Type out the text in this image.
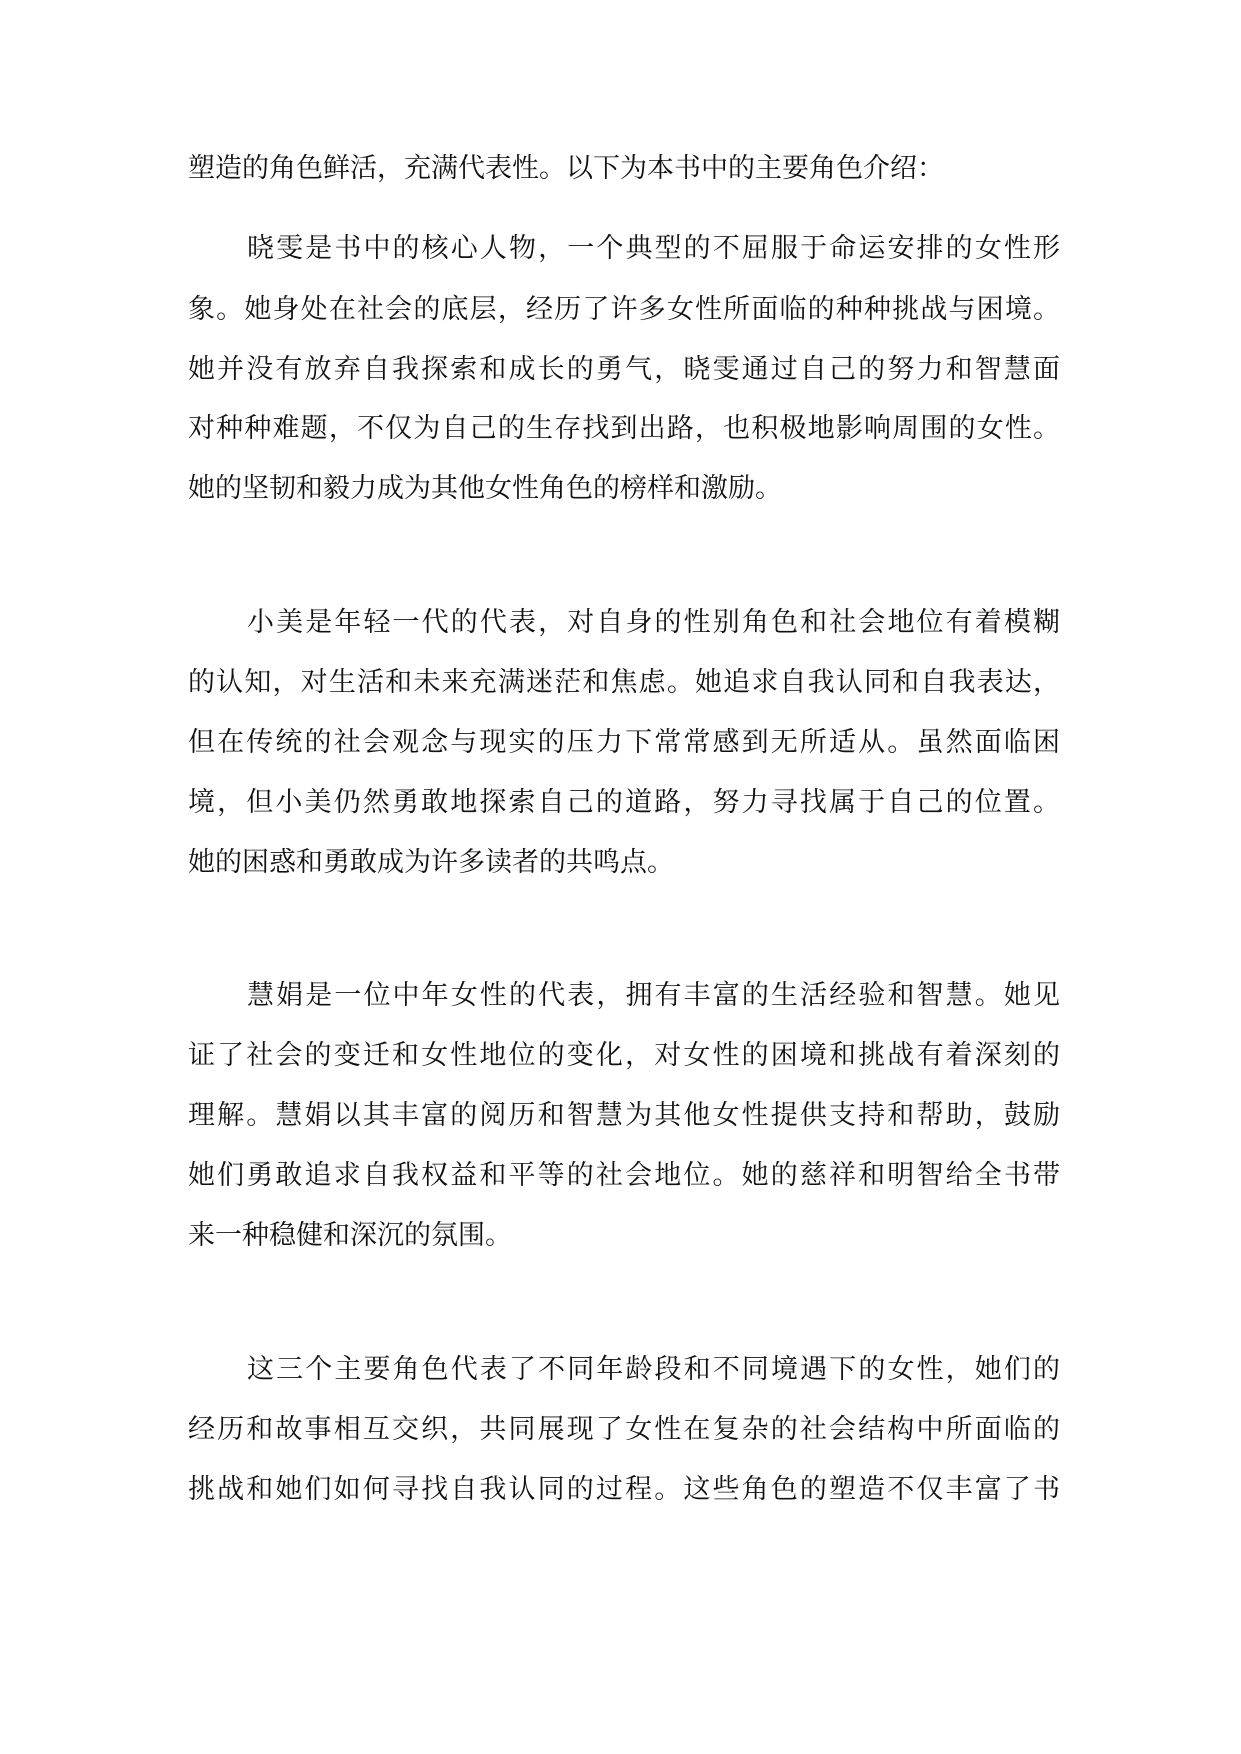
塑造的角色鲜活，充满代表性。以下为本书中的主要角色介绍：
晓雯是书中的核心人物，一个典型的不屈服于命运安排的女性形
象。她身处在社会的底层，经历了许多女性所面临的种种挑战与困境。
她并没有放弃自我探索和成长的勇气，晓雯通过自己的努力和智慧面
对种种难题，不仅为自己的生存找到出路，也积极地影响周围的女性。
她的坚韧和毅力成为其他女性角色的榜样和激励。
小美是年轻一代的代表，对自身的性别角色和社会地位有着模糊
的认知，对生活和未来充满迷茫和焦虑。她追求自我认同和自我表达，
但在传统的社会观念与现实的压力下常常感到无所适从。虽然面临困
境，但小美仍然勇敢地探索自己的道路，努力寻找属于自己的位置。
她的困惑和勇敢成为许多读者的共鸣点。
慧娟是一位中年女性的代表，拥有丰富的生活经验和智慧。她见
证了社会的变迁和女性地位的变化，对女性的困境和挑战有着深刻的
理解。慧娟以其丰富的阅历和智慧为其他女性提供支持和帮助，鼓励
她们勇敢追求自我权益和平等的社会地位。她的慈祥和明智给全书带
来一种稳健和深沉的氛围。
这三个主要角色代表了不同年龄段和不同境遇下的女性，她们的
经历和故事相互交织，共同展现了女性在复杂的社会结构中所面临的
挑战和她们如何寻找自我认同的过程。这些角色的塑造不仅丰富了书
